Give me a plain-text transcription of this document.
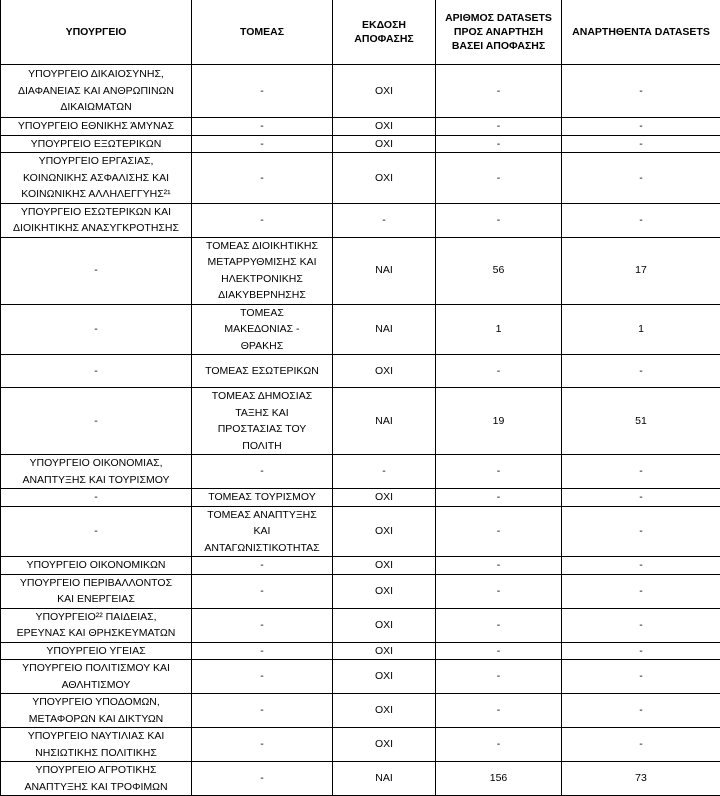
ΥΠΟΥΡΓΕΙΟ	ΤΟΜΕΑΣ	ΕΚΔΟΣΗ ΑΠΟΦΑΣΗΣ	ΑΡΙΘΜΟΣ DATASETS ΠΡΟΣ ΑΝΑΡΤΗΣΗ ΒΑΣΕΙ ΑΠΟΦΑΣΗΣ	ΑΝΑΡΤΗΘΕΝΤΑ DATASETS

ΥΠΟΥΡΓΕΙΟ ΔΙΚΑΙΟΣΥΝΗΣ,
ΔΙΑΦΑΝΕΙΑΣ ΚΑΙ ΑΝΘΡΩΠΙΝΩΝ
ΔΙΚΑΙΩΜΑΤΩΝ	-	ΟΧΙ	-	-

ΥΠΟΥΡΓΕΙΟ ΕΘΝΙΚΗΣ ΆΜΥΝΑΣ	-	ΟΧΙ	-	-

ΥΠΟΥΡΓΕΙΟ ΕΞΩΤΕΡΙΚΩΝ	-	ΟΧΙ	-	-

ΥΠΟΥΡΓΕΙΟ ΕΡΓΑΣΙΑΣ,
ΚΟΙΝΩΝΙΚΗΣ ΑΣΦΑΛΙΣΗΣ ΚΑΙ
ΚΟΙΝΩΝΙΚΗΣ ΑΛΛΗΛΕΓΓΥΗΣ²¹	-	ΟΧΙ	-	-

ΥΠΟΥΡΓΕΙΟ ΕΣΩΤΕΡΙΚΩΝ ΚΑΙ
ΔΙΟΙΚΗΤΙΚΗΣ ΑΝΑΣΥΓΚΡΟΤΗΣΗΣ	-	-	-	-

-	ΤΟΜΕΑΣ ΔΙΟΙΚΗΤΙΚΗΣ
ΜΕΤΑΡΡΥΘΜΙΣΗΣ ΚΑΙ
ΗΛΕΚΤΡΟΝΙΚΗΣ
ΔΙΑΚΥΒΕΡΝΗΣΗΣ	ΝΑΙ	56	17

-	ΤΟΜΕΑΣ
ΜΑΚΕΔΟΝΙΑΣ -
ΘΡΑΚΗΣ	ΝΑΙ	1	1

-	ΤΟΜΕΑΣ ΕΣΩΤΕΡΙΚΩΝ	ΟΧΙ	-	-

-	ΤΟΜΕΑΣ ΔΗΜΟΣΙΑΣ
ΤΑΞΗΣ ΚΑΙ
ΠΡΟΣΤΑΣΙΑΣ ΤΟΥ
ΠΟΛΙΤΗ	ΝΑΙ	19	51

ΥΠΟΥΡΓΕΙΟ ΟΙΚΟΝΟΜΙΑΣ,
ΑΝΑΠΤΥΞΗΣ ΚΑΙ ΤΟΥΡΙΣΜΟΥ	-	-	-	-

-	ΤΟΜΕΑΣ ΤΟΥΡΙΣΜΟΥ	ΟΧΙ	-	-

-	ΤΟΜΕΑΣ ΑΝΑΠΤΥΞΗΣ
ΚΑΙ
ΑΝΤΑΓΩΝΙΣΤΙΚΟΤΗΤΑΣ	ΟΧΙ	-	-

ΥΠΟΥΡΓΕΙΟ ΟΙΚΟΝΟΜΙΚΩΝ	-	ΟΧΙ	-	-

ΥΠΟΥΡΓΕΙΟ ΠΕΡΙΒΑΛΛΟΝΤΟΣ
ΚΑΙ ΕΝΕΡΓΕΙΑΣ	-	ΟΧΙ	-	-

ΥΠΟΥΡΓΕΙΟ²² ΠΑΙΔΕΙΑΣ,
ΕΡΕΥΝΑΣ ΚΑΙ ΘΡΗΣΚΕΥΜΑΤΩΝ	-	ΟΧΙ	-	-

ΥΠΟΥΡΓΕΙΟ ΥΓΕΙΑΣ	-	ΟΧΙ	-	-

ΥΠΟΥΡΓΕΙΟ ΠΟΛΙΤΙΣΜΟΥ ΚΑΙ
ΑΘΛΗΤΙΣΜΟΥ	-	ΟΧΙ	-	-

ΥΠΟΥΡΓΕΙΟ ΥΠΟΔΟΜΩΝ,
ΜΕΤΑΦΟΡΩΝ ΚΑΙ ΔΙΚΤΥΩΝ	-	ΟΧΙ	-	-

ΥΠΟΥΡΓΕΙΟ ΝΑΥΤΙΛΙΑΣ ΚΑΙ
ΝΗΣΙΩΤΙΚΗΣ ΠΟΛΙΤΙΚΗΣ	-	ΟΧΙ	-	-

ΥΠΟΥΡΓΕΙΟ ΑΓΡΟΤΙΚΗΣ
ΑΝΑΠΤΥΞΗΣ ΚΑΙ ΤΡΟΦΙΜΩΝ	-	ΝΑΙ	156	73
